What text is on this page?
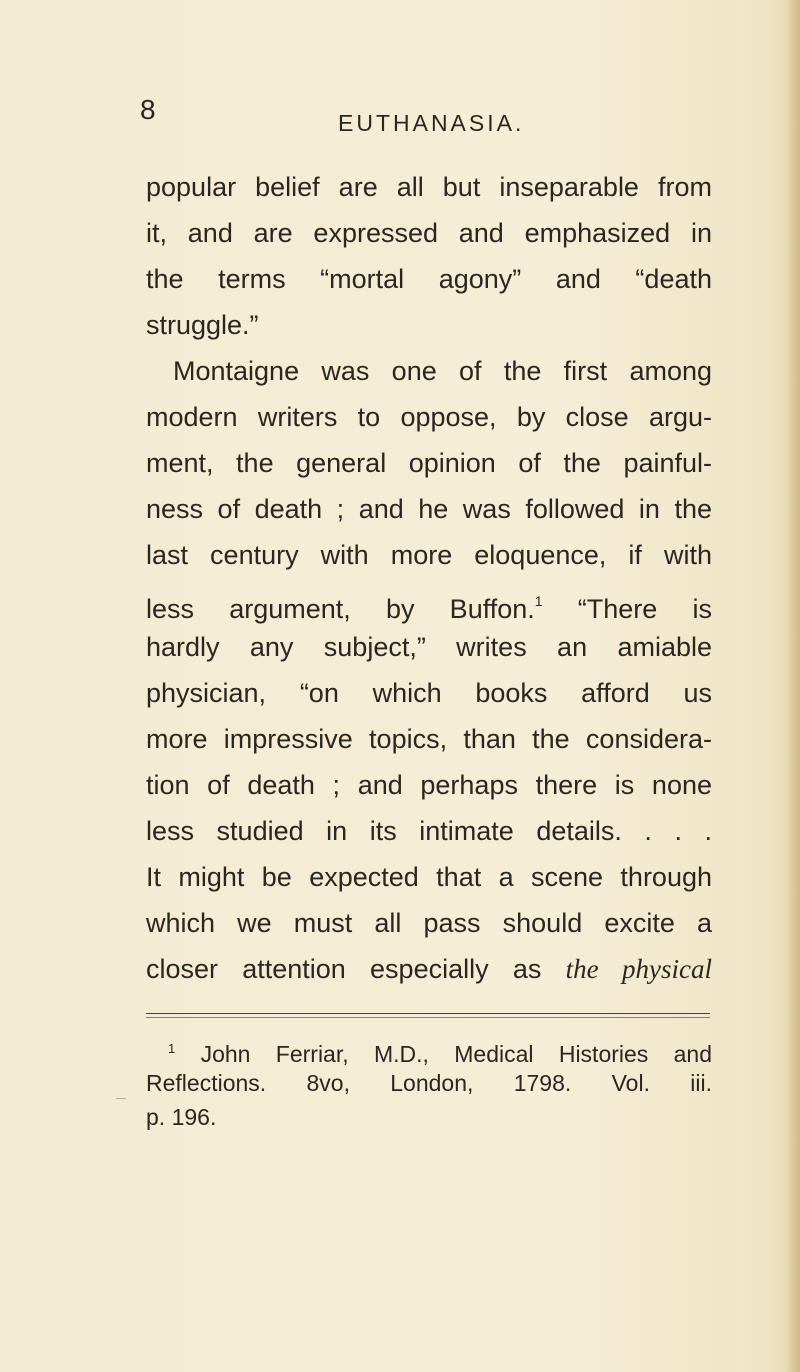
8	EUTHANASIA.
popular belief are all but inseparable from
it, and are expressed and emphasized in
the terms “mortal agony” and “death
struggle.”
Montaigne was one of the first among
modern writers to oppose, by close argu-
ment, the general opinion of the painful-
ness of death ; and he was followed in the
last century with more eloquence, if with
less argument, by Buffon.$^1$ “There is
hardly any subject,” writes an amiable
physician, “on which books afford us
more impressive topics, than the considera-
tion of death ; and perhaps there is none
less studied in its intimate details. . . .
It might be expected that a scene through
which we must all pass should excite a
closer attention especially as the physical
$^1$ John Ferriar, M.D., Medical Histories and
Reflections. 8vo, London, 1798. Vol. iii.
p. 196.
